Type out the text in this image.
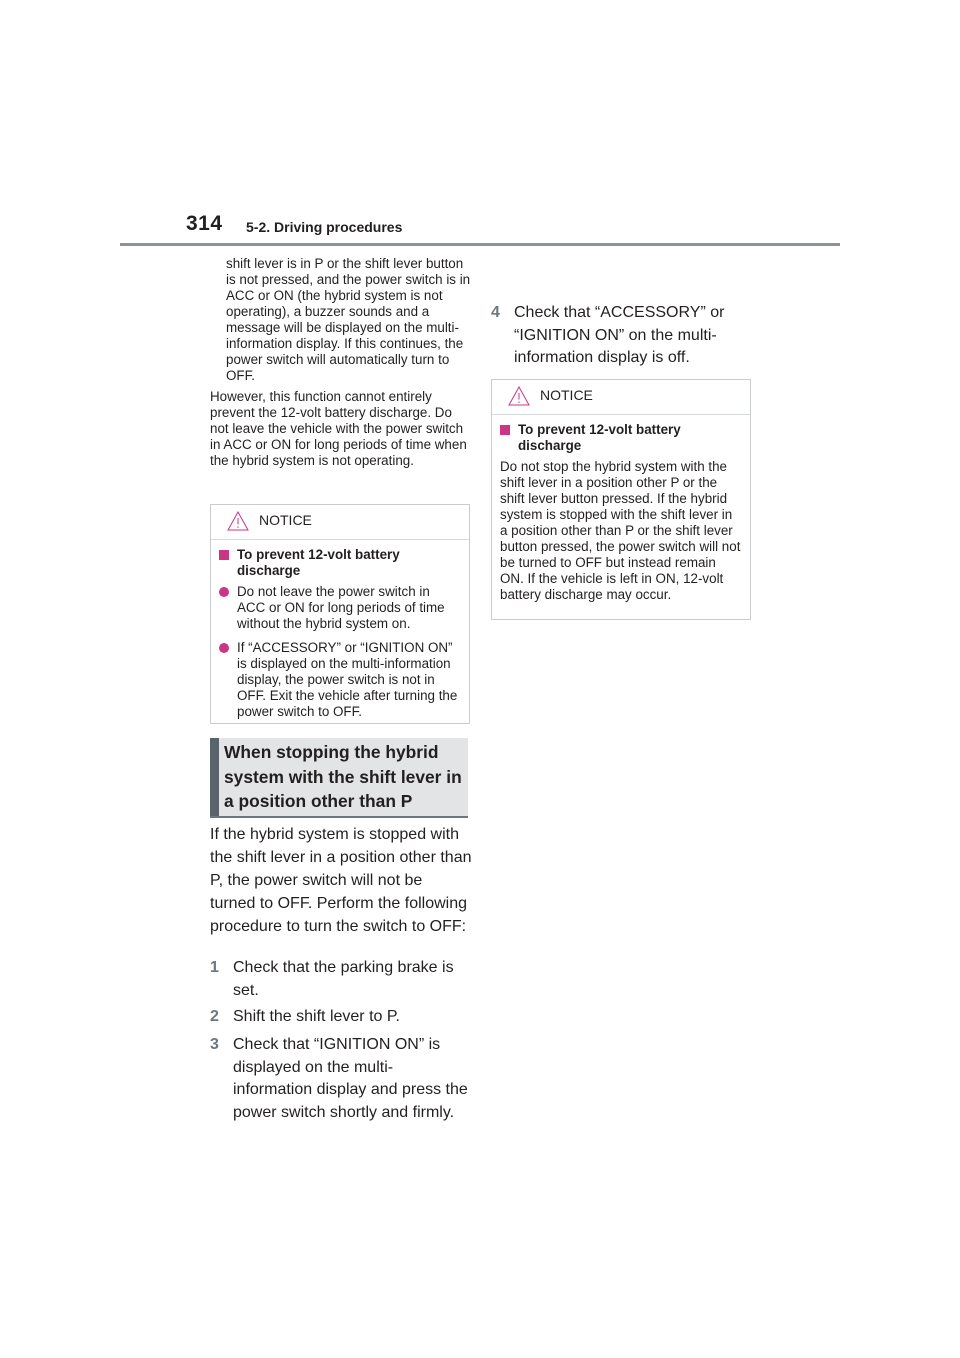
314 5-2. Driving procedures

shift lever is in P or the shift lever button is not pressed, and the power switch is in ACC or ON (the hybrid system is not operating), a buzzer sounds and a message will be displayed on the multi-information display. If this continues, the power switch will automatically turn to OFF.

However, this function cannot entirely prevent the 12-volt battery discharge. Do not leave the vehicle with the power switch in ACC or ON for long periods of time when the hybrid system is not operating.

NOTICE

To prevent 12-volt battery discharge

Do not leave the power switch in ACC or ON for long periods of time without the hybrid system on.

If “ACCESSORY” or “IGNITION ON” is displayed on the multi-information display, the power switch is not in OFF. Exit the vehicle after turning the power switch to OFF.

When stopping the hybrid system with the shift lever in a position other than P

If the hybrid system is stopped with the shift lever in a position other than P, the power switch will not be turned to OFF. Perform the following procedure to turn the switch to OFF:

1 Check that the parking brake is set.
2 Shift the shift lever to P.
3 Check that “IGNITION ON” is displayed on the multi-information display and press the power switch shortly and firmly.
4 Check that “ACCESSORY” or “IGNITION ON” on the multi-information display is off.
NOTICE

To prevent 12-volt battery discharge

Do not stop the hybrid system with the shift lever in a position other P or the shift lever button pressed. If the hybrid system is stopped with the shift lever in a position other than P or the shift lever button pressed, the power switch will not be turned to OFF but instead remain ON. If the vehicle is left in ON, 12-volt battery discharge may occur.
